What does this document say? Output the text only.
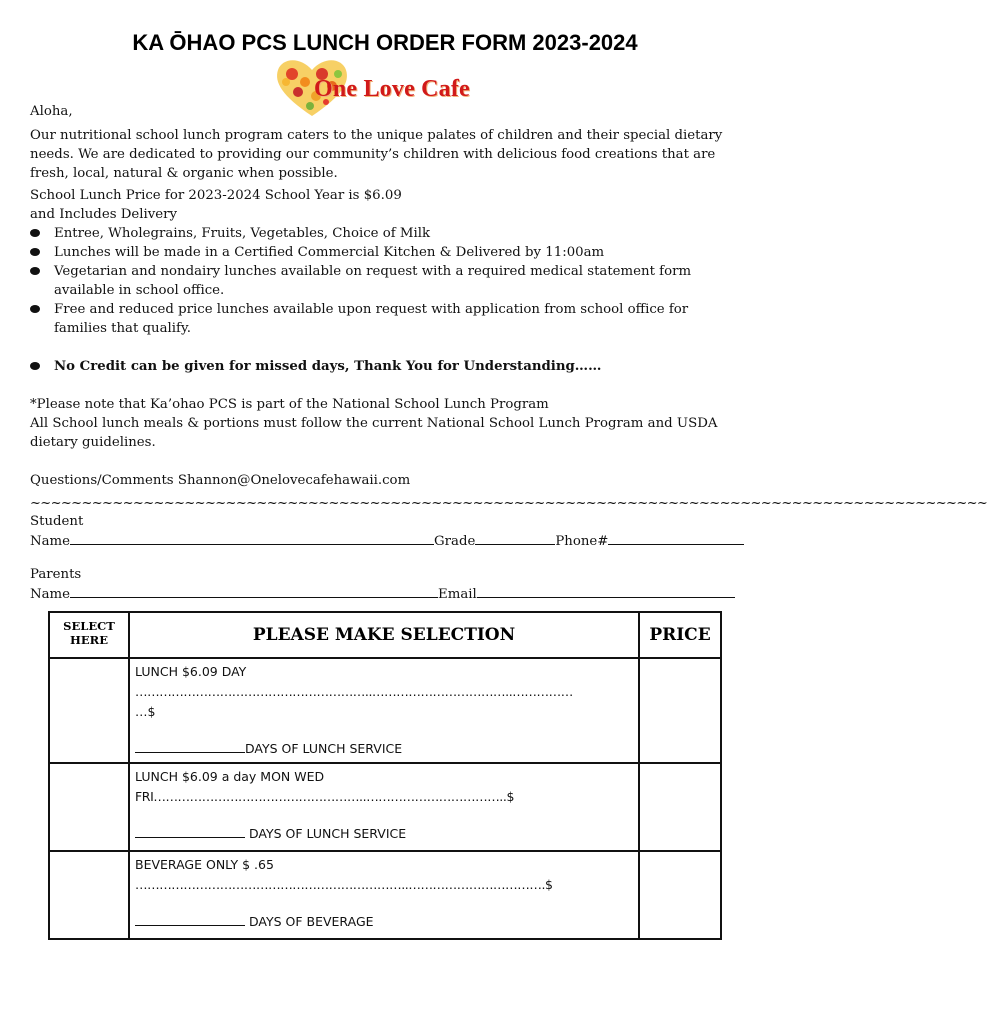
KA ŌHAO PCS LUNCH ORDER FORM 2023-2024
One Love Cafe
Aloha,
Our nutritional school lunch program caters to the unique palates of children and their special dietary needs. We are dedicated to providing our community’s children with delicious food creations that are fresh, local, natural & organic when possible.
School Lunch Price for 2023-2024 School Year is $6.09
and Includes Delivery
Entree, Wholegrains, Fruits, Vegetables, Choice of Milk
Lunches will be made in a Certified Commercial Kitchen & Delivered by 11:00am
Vegetarian and nondairy lunches available on request with a required medical statement form available in school office.
Free and reduced price lunches available upon request with application from school office for families that qualify.
No Credit can be given for missed days, Thank You for Understanding……
*Please note that Ka’ohao PCS is part of the National School Lunch Program
All School lunch meals & portions must follow the current National School Lunch Program and USDA dietary guidelines.
Questions/Comments Shannon@Onelovecafehawaii.com
~~~~~~~~~~~~~~~~~~~~~~~~~~~~~~~~~~~~~~~~~~~~~~~~~~~~~~~~~~~~~~~~~~~~~~~~~~~~~~~~~~~~~~~~~~~~~
Student
Name	Grade	Phone#
Parents
Name	Email
SELECT HERE	PLEASE MAKE SELECTION	PRICE

	LUNCH $6.09 DAY
…………………………………………………..……………………………..……………
…$
DAYS OF LUNCH SERVICE	

	LUNCH $6.09 a day MON WED
FRI……………………………………………..……………………………..$
DAYS OF LUNCH SERVICE	

	BEVERAGE ONLY $ .65
…………………………………………………………..…………………………….$
DAYS OF BEVERAGE	
